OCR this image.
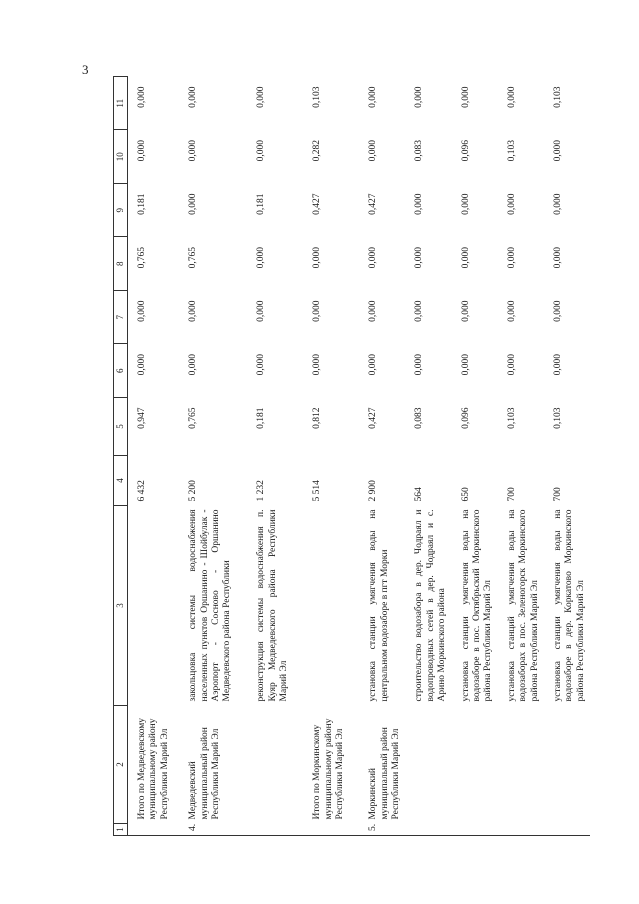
3
1	2	3	4	5	6	7	8	9	10	11
	Итого по Медведевскому муниципальному району Республики Марий Эл		6 432	0,947	0,000	0,000	0,765	0,181	0,000	0,000
4.	Медведевский муниципальный район Республики Марий Эл	закольцовка системы водоснабжения населенных пунктов Оршанино - Шойбулак - Аэропорт - Сосново - Оршанино Медведевского района Республики	5 200	0,765	0,000	0,000	0,765	0,000	0,000	0,000
		реконструкция системы водоснабжения п. Куяр Медведевского района Республики Марий Эл	1 232	0,181	0,000	0,000	0,000	0,181	0,000	0,000
	Итого по Моркинскому муниципальному району Республики Марий Эл		5 514	0,812	0,000	0,000	0,000	0,427	0,282	0,103
5.	Моркинский муниципальный район Республики Марий Эл	установка станции умягчения воды на центральном водозаборе в пгт Морки	2 900	0,427	0,000	0,000	0,000	0,427	0,000	0,000
		строительство водозабора в дер. Чодраял и водопроводных сетей в дер. Чодраял и с. Аринo Моркинского района	564	0,083	0,000	0,000	0,000	0,000	0,083	0,000
		установка станции умягчения воды на водозаборе в пос. Октябрьский Моркинского района Республики Марий Эл	650	0,096	0,000	0,000	0,000	0,000	0,096	0,000
		установка станций умягчения воды на водозаборах в пос. Зеленогорск Моркинского района Республики Марий Эл	700	0,103	0,000	0,000	0,000	0,000	0,103	0,000
		установка станции умягчения воды на водозаборе в дер. Коркатово Моркинского района Республики Марий Эл	700	0,103	0,000	0,000	0,000	0,000	0,000	0,103
